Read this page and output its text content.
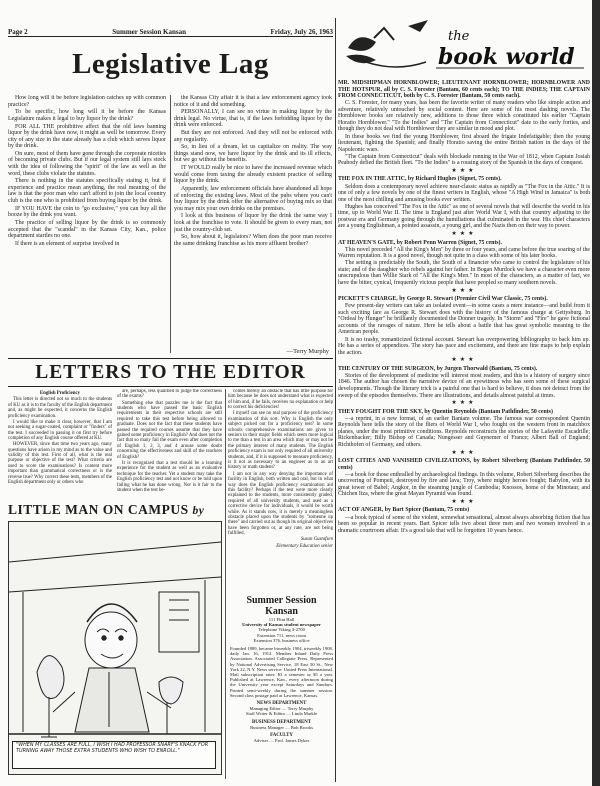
Page 2	Summer Session Kansan	Friday, July 26, 1963
Legislative Lag

How long will it be before legislation catches up with common practice?

To be specific, how long will it be before the Kansas Legislature makes it legal to buy liquor by the drink?

FOR ALL THE prohibitive affect that the old laws banning liquor by the drink have now, it might as well be tomorrow. Every city of any size in the state already has a club which serves liquor by the drink.

On sure, most of them have gone through the corporate niceties of becoming private clubs. But if our legal system still lays stock with the idea of following the "spirit" of the law as well as the word, these clubs violate the statutes.

There is nothing in the statutes specifically stating it, but if experience and practice mean anything, the real meaning of the law is that the poor man who can't afford to join the local country club is the one who is prohibited from buying liquor by the drink.

IF YOU HAVE the coin to "go exclusive," you can buy all the booze by the drink you want.

The practice of selling liquor by the drink is so commonly accepted that the "scandal" in the Kansas City, Kan., police department startles no one.

If there is an element of surprise involved in

the Kansas City affair it is that a law enforcement agency took notice of it and did something.

PERSONALLY, I can see no virtue in making liquor by the drink legal. No virtue, that is, if the laws forbidding liquor by the drink were enforced.

But they are not enforced. And they will not be enforced with any regularity.

So, in lieu of a dream, let us capitalize on reality. The way things stand now, we have liquor by the drink and its ill effects, but we go without the benefits.

IT WOULD really be nice to have the increased revenue which would come from taxing the already existent practice of selling liquor by the drink.

Apparently, law enforcement officials have abandoned all hope of enforcing the existing laws. Most of the pubs where you can't buy liquor by the drink offer the alternative of buying mix so that you may mix your own drinks on the premises.

I look at this business of liquor by the drink the same way I look at the franchise to vote. It should be given to every man, not just the country-club set.

So, how about it, legislators? When does the poor man receive the same drinking franchise as his more affluent brother?

—Terry Murphy
LETTERS TO THE EDITOR

English Proficiency

This letter is directed not so much to the students of KU as it is to the faculty of the English department and, as might be expected, it concerns the English proficiency examination.

I would like to make it clear, however, that I am not seeking a sugar-coated, complaint or "finders" of the test. I succeeded in passing it on first try before completion of any English course offered at KU.

HOWEVER, since that time two years ago, many questions have arisen in my mind as to the value and validity of this test. First of all, what is the real purpose or objective of the test? What criteria are used to score the examinations? Is content more important than grammatical correctness or is the reverse true? Why correct these tests, members of the English department only or others who

are, perhaps, less qualified to judge the correctness of the exams?

Something else that puzzles me is the fact that students who have passed the basic English requirements in their respective schools are still required to take this test before being allowed to graduate. Does not the fact that these students have passed the required courses assume that they have gained some proficiency in English? And does not the fact that so many fail the exam even after completion of English 1, 2, 3, and 4 arouse some doubt concerning the effectiveness and skill of the teachers of English?

It is recognized that a test should be a learning experience for the student as well as an evaluative technique for the teacher. Yet a student may take the English proficiency test and not know or be told upon failing what he has done wrong. Nor is it fair to the student when the test be-

comes merely an obstacle that has little purpose for him because he does not understand what is expected of him and, if he fails, receives no explanation or help to correct his deficiencies!

I myself can see no real purpose of the proficiency examination of this sort. Why is English the only subject picked out for a proficiency test? In some schools comprehensive examinations are given to seniors in their major fields which seem more logical to me than a test in an area which may or may not be the primary interest of many students. The English proficiency exam is not only required of all university students, and, if it is supposed to measure proficiency, is it not as necessary to an engineer as to an art history or math student?

I am not in any way denying the importance of facility in English, both written and oral, but in what way does the English proficiency examination aid this facility? Perhaps if the test were more clearly explained to the students, more consistently graded, required of all university students, and used as a corrective device for individuals, it would be worth while. As it stands now, it is merely a meaningless obstacle placed upon the students by "someone up there" and carried out as though its original objectives have been forgotten or, at any rate, are not being fulfilled.

Susan Gustafsen

Elementary Education senior

LITTLE MAN ON CAMPUS by
"WHEN MY CLASSES ARE FULL, I WISH I HAD PROFESSOR SNARF'S KNACK FOR TURNING AWAY THOSE EXTRA STUDENTS WHO WISH TO ENROLL."

Summer Session

Kansan

111 Flint Hall

University of Kansas student newspaper

Telephone Viking 3-2700

Extension 711, news room

Extension 376, business office

Founded 1889, became biweekly 1904, triweekly 1908, daily Jan. 16, 1912. Member Inland Daily Press Association. Associated Collegiate Press. Represented by National Advertising Service, 18 East 50 St., New York 22, N.Y. News service: United Press International. Mail subscription rates: $3 a semester or $5 a year. Published at Lawrence, Kan., every afternoon during the University year except Saturdays and Sundays. Printed semi-weekly during the summer session. Second class postage paid at Lawrence, Kansas.

NEWS DEPARTMENT

Managing Editor .... Terry Murphy

Staff Writer & Editor .... Linda Markle

BUSINESS DEPARTMENT

Business Manager .... Bob Brooks

FACULTY

Adviser .... Prof. James Dykes

the
book world

MR. MIDSHIPMAN HORNBLOWER; LIEUTENANT HORNBLOWER; HORNBLOWER AND THE HOTSPUR, all by C. S. Forester (Bantam, 60 cents each); TO THE INDIES; THE CAPTAIN FROM CONNECTICUT, both by C. S. Forester (Bantam, 50 cents each).

C. S. Forester, for many years, has been the favorite writer of many readers who like simple action and adventure, relatively untouched by social content. Here are some of his most dashing novels. The Hornblower books are relatively new, additions to those three which constituted his earlier "Captain Horatio Hornblower." "To the Indies" and "The Captain from Connecticut" date to the early forties, and though they do not deal with Hornblower they are similar in mood and plot.

In these books we find the young Hornblower, first aboard the frigate Indefatigable; then the young lieutenant, fighting the Spanish; and finally Horatio saving the entire British nation in the days of the Napoleonic wars.

"The Captain from Connecticut" deals with blockade running in the War of 1812, when Captain Josiah Peabody defied the British fleet. "To the Indies" is a rousing story of the Spanish in the days of conquest.

★★★

THE FOX IN THE ATTIC, by Richard Hughes (Signet, 75 cents).

Seldom does a contemporary novel achieve near-classic status as rapidly as "The Fox in the Attic." It is one of only a few novels by one of the finest writers in English, whose "A High Wind in Jamaica" is both one of the most chilling and amusing books ever written.

Hughes has conceived "The Fox in the Attic" as one of several novels that will describe the world in his time, up to World War II. The time is England just after World War I, with that country adjusting to the postwar era and Germany going through the humiliations that culminated in the war. His chief characters are a young Englishman, a pointed assassin, a young girl, and the Nazis then on their way to power.

★★★

AT HEAVEN'S GATE, by Robert Penn Warren (Signet, 75 cents).

This novel preceded "All the King's Men" by three or four years, and came before the true soaring of the Warren reputation. It is a good novel, though not quite in a class with some of his later books.

The setting is predictably the South, the South of a financier who came to control the legislature of his state; and of the daughter who rebels against her father. In Bogan Murdock we have a character even more unscrupulous than Willie Stark of "All the King's Men." In most of the characters, as a matter of fact, we have the bitter, cynical, frequently vicious people that have peopled so many southern novels.

★★★

PICKETT'S CHARGE, by George R. Stewart (Premier Civil War Classic, 75 cents).

Few present-day writers can take an isolated event—in some cases a mere instance—and build from it such exciting fare as George R. Stewart does with the history of the famous charge at Gettysburg. In "Ordeal by Hunger" he brilliantly documented the Donner tragedy. In "Storm" and "Fire" he gave fictional accounts of the ravages of nature. Here he tells about a battle that has great symbolic meaning to the American people.

It is no trashy, romanticized fictional account. Stewart has overpowering bibliography to back him up. He has a series of appendices. The story has pace and excitement, and there are fine maps to help explain the action.

★★★

THE CENTURY OF THE SURGEON, by Jurgen Thorwald (Bantam, 75 cents).

Stories of the development of medicine will interest most readers, and this is a history of surgery since 1846. The author has chosen the narrative device of an eyewitness who has seen some of these surgical developments. Though the literary trick is a painful one that is hard to believe, it does not detract from the sweep of the episodes themselves. There are illustrations, and details almost painful at times.

★★★

THEY FOUGHT FOR THE SKY, by Quentin Reynolds (Bantam Pathfinder, 50 cents)

—a reprint, in a new format, of an earlier Bantam volume. The famous war correspondent Quentin Reynolds here tells the story of the fliers of World War I, who fought on the western front in matchbox planes, under the most primitive conditions. Reynolds reconstructs the stories of the Lafayette Escadrille; Rickenbacker; Billy Bishop of Canada; Nungesser and Guynemer of France; Albert Ball of England; Richthofen of Germany, and others.

★★★

LOST CITIES AND VANISHED CIVILIZATIONS, by Robert Silverberg (Bantam Pathfinder, 50 cents)

—a book for those enthralled by archaeological findings. In this volume, Robert Silverberg describes the uncovering of Pompeii, destroyed by fire and lava; Troy, where mighty heroes fought; Babylon, with its great tower of Babel; Angkor, in the steaming jungle of Cambodia; Knossos, home of the Minotaur, and Chichen Itza, where the great Mayan Pyramid was found.

★★★

ACT OF ANGER, by Bart Spicer (Bantam, 75 cents)

—a book typical of some of the violent, somewhat sensational, almost always absorbing fiction that has been so popular in recent years. Bart Spicer tells two about three men and two women involved in a dramatic courtroom affair. It's a good tale that will be forgotten 10 years hence.
